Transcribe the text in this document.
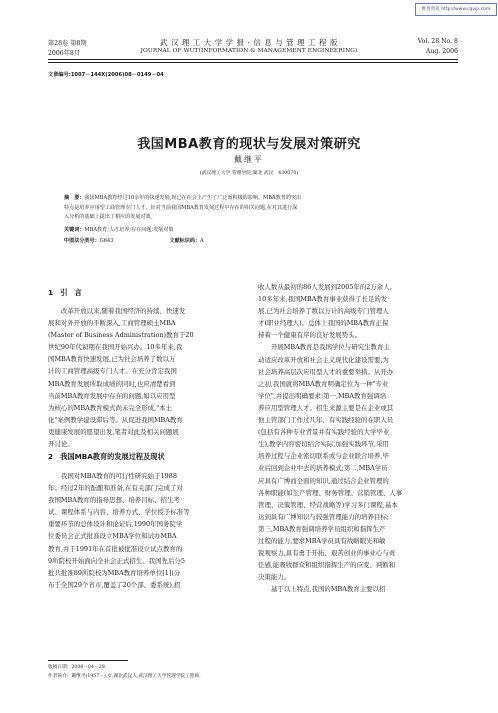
维普资讯 http://www.cqvip.com
第28卷 第8期
2006年8月
武 汉 理 工 大 学 学 报 · 信 息 与 管 理 工 程 版
JOURNAL OF WUT(INFORMATION & MANAGEMENT ENGINEERING)
Vol. 28 No. 8
Aug. 2006
文章编号:1007－144X(2006)08－0149－04
我国MBA教育的现状与发展对策研究
戴继平
(武汉理工大学 管理学院,湖北 武汉　430070)
摘　要：我国MBA教育经过10余年的快速发展,现已在社会上产生了广泛而积极的影响。MBA教育的突出
特点是培养应用型工商管理专门人才。针对当前我国MBA教育发展过程中存在的相关问题,在对其进行深
入分析的基础上提出了相应的发展对策。
关键词：MBA教育;人才培养;存在问题;发展对策
中图法分类号：G643	文献标识码：A
1　引　言
改革开放以来,随着我国经济的持续、快速发
展和对外开放的不断深入,工商管理硕士MBA
(Master of Business Administration)教育于20
世纪90年代初期在我国开始兴办。10多年来,我
国MBA教育快速发展,已为社会培养了数以万
计的工商管理高级专门人才。在充分肯定我国
MBA教育发展所取成绩的同时,也应清楚看到
当前MBA教育发展中存在的问题,如以应用型
为核心的MBA教育模式尚未完全形成,"本土
化"案例教学建设滞后等。从促进我国MBA教育
更健康发展的愿望出发,笔者对此及相关问题展
开讨论。
2　我国MBA教育的发展过程及现状
我国对MBA教育的可行性研究始于1988
年。经过2年的酝酿和准备,在有关部门完成了对
我国MBA教育的指导思想、培养目标、招生考
试、课程体系与内容、培养方式、学位授予标准等
重要环节的总体设计和论证后,1990年国务院学
位委员会正式批准设立MBA学位和试办MBA
教育,并于1991年在首批被批准设立试点教育的
9所院校开始面向全社会正式招生。我国先后分5
批共批准89所院校为MBA教育培养单位[1](分
布于全国29个省市,覆盖了20个部、委系统),招
收人数从最初的86人发展到2005年的2万余人。
10多年来,我国MBA教育事业获得了长足的发
展,已为社会培养了数以万计的高级专门管理人
才(职业经理人)。总体上我国的MBA教育正保
持着一个健康有序的良好发展势头。
开展MBA教育是我国学位与研究生教育主
动适应改革开放和社会主义现代化建设需要,为
社会培养高层次应用型人才的重要举措。从开办
之初,我国就将MBA教育明确定位为一种"专业
学位",并提出明确要求:第一,MBA教育强调培
养应用型管理人才。招生来源主要是在企业或其
他主管部门工作过几年、有实践经验的在职人员
(包括有各种专业背景并有实践经验的大学毕业
生),教学内容密切结合实际,加强实践环节,采用
培养过程与企业密切联系或与企业联合培养,毕
业后回到企业中去的培养模式;第二,MBA学员
应具有广博而全面的知识,通过结合企业管理的
各种职能(如生产管理、财务管理、营销管理、人事
管理、决策管理、经营战略等)学习多门课程,基本
达到具有广博知识与较强管理能力的培养目标;
第三,MBA教育强调培养学员组织和指挥生产
过程的能力,要求MBA学员具有战略眼光和敏
锐观察力,具有勇于开拓、艰苦创业的事业心与责
任感,能吸收群众和组织指挥生产的应变、判断和
决策能力。
基于以上特点,我国的MBA教育主要以招
收稿日期：2006－04－29.
作者简介：戴继平(1957－),女,湖北武汉人,武汉理工大学管理学院工程师.
